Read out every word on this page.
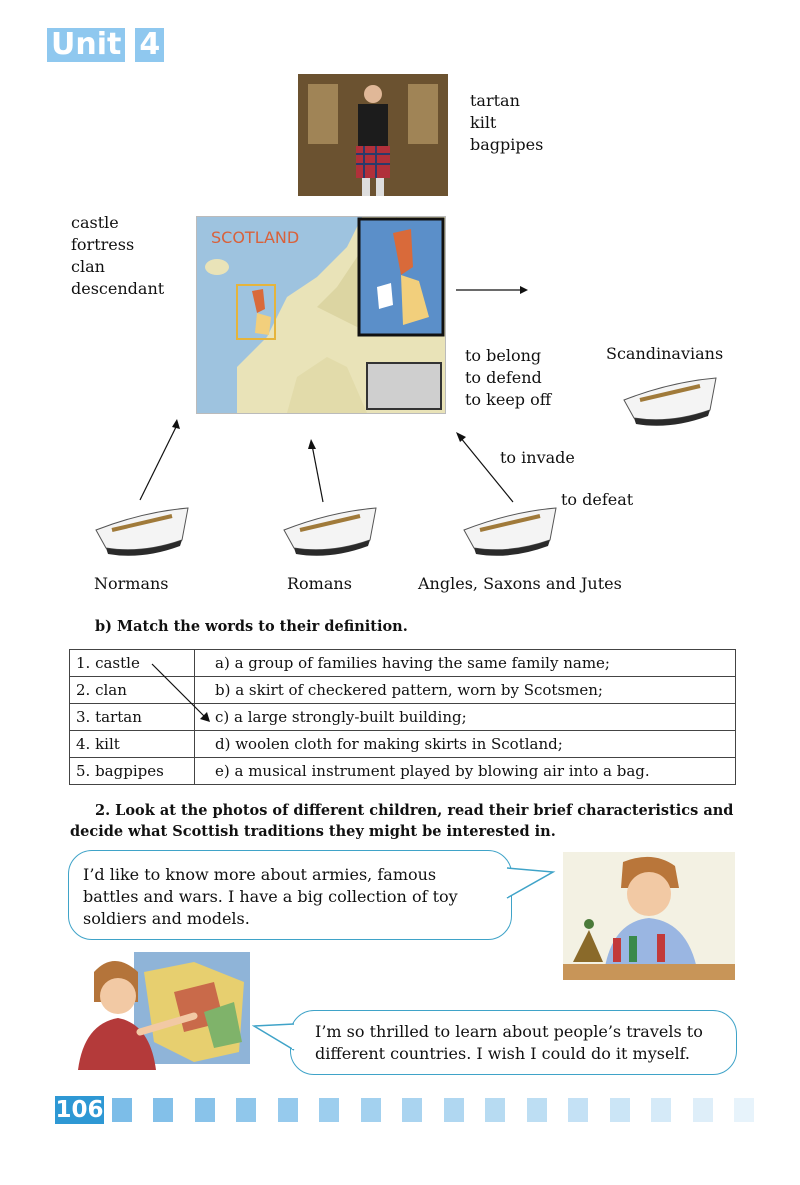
Unit 4
tartan
kilt
bagpipes
castle
fortress
clan
descendant
SCOTLAND
to belong
to defend
to keep off
Scandinavians
to invade
to defeat
Normans	Romans	Angles, Saxons and Jutes
b) Match the words to their definition.
1. castle	a) a group of families having the same family name;
2. clan	b) a skirt of checkered pattern, worn by Scotsmen;
3. tartan	c) a large strongly-built building;
4. kilt	d) woolen cloth for making skirts in Scotland;
5. bagpipes	e) a musical instrument played by blowing air into a bag.
2. Look at the photos of different children, read their brief characteristics and
decide what Scottish traditions they might be interested in.
I’d like to know more about armies, famous
battles and wars. I have a big collection of toy
soldiers and models.
I’m so thrilled to learn about people’s travels to
different countries. I wish I could do it myself.
106
